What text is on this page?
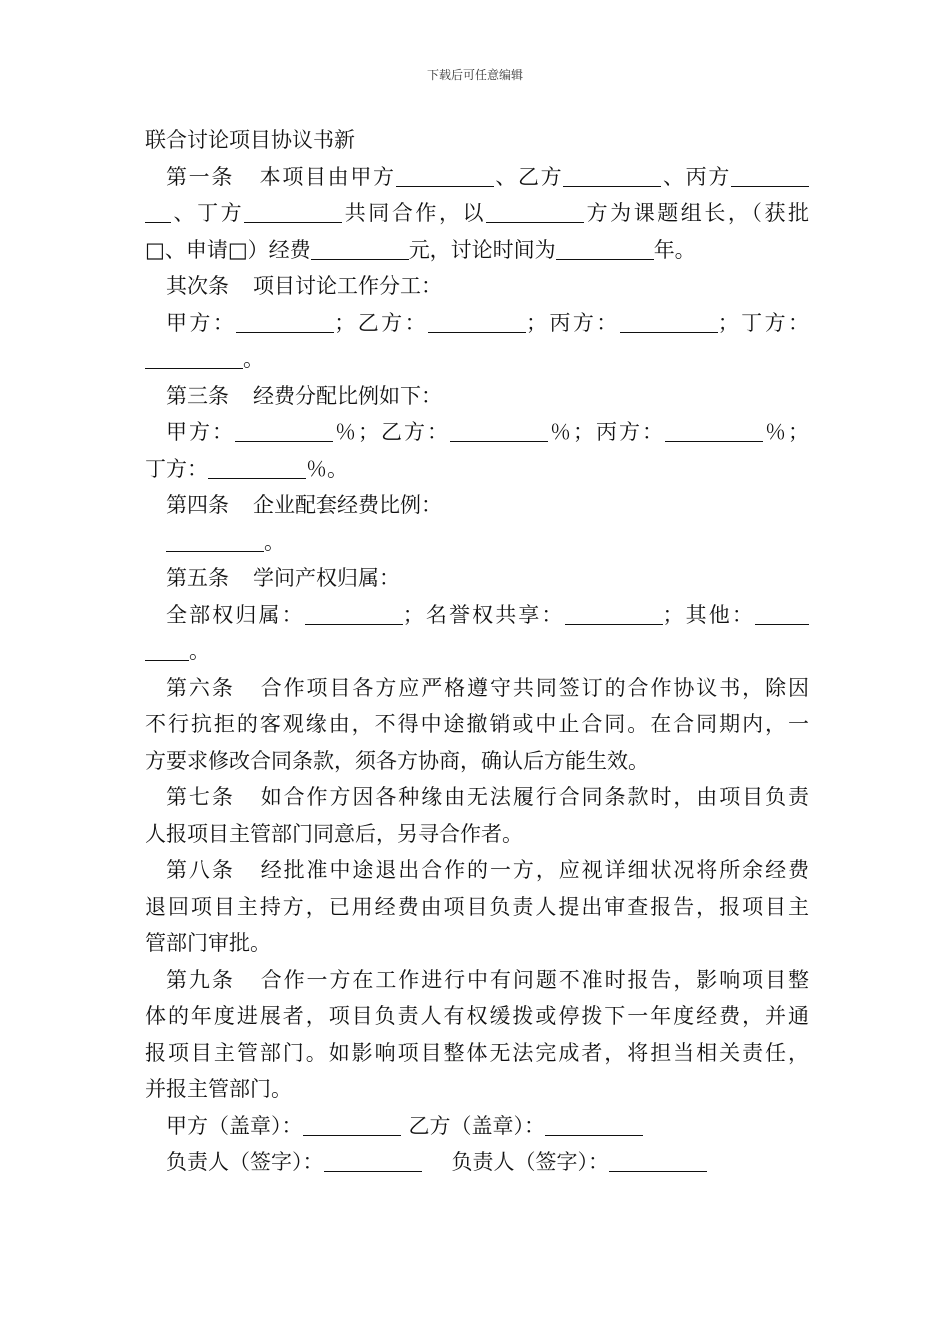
下载后可任意编辑

联合讨论项目协议书新

第一条 本项目由甲方	、乙方	、丙方

、丁方	共同合作，以	方为课题组长，（获批

□、申请□）经费	元，讨论时间为	年。

其次条 项目讨论工作分工：

甲方：	；乙方：	；丙方：	；丁方：

。

第三条 经费分配比例如下：

甲方：	％；乙方：	％；丙方：	％；

丁方：	％。

第四条 企业配套经费比例：

。

第五条 学问产权归属：

全部权归属：	；名誉权共享：	；其他：

。

第六条 合作项目各方应严格遵守共同签订的合作协议书，除因

不行抗拒的客观缘由，不得中途撤销或中止合同。在合同期内，一

方要求修改合同条款，须各方协商，确认后方能生效。

第七条 如合作方因各种缘由无法履行合同条款时，由项目负责

人报项目主管部门同意后，另寻合作者。

第八条 经批准中途退出合作的一方，应视详细状况将所余经费

退回项目主持方，已用经费由项目负责人提出审查报告，报项目主

管部门审批。

第九条 合作一方在工作进行中有问题不准时报告，影响项目整

体的年度进展者，项目负责人有权缓拨或停拨下一年度经费，并通

报项目主管部门。如影响项目整体无法完成者，将担当相关责任，

并报主管部门。

甲方（盖章）：	乙方（盖章）：

负责人（签字）：	负责人（签字）：
